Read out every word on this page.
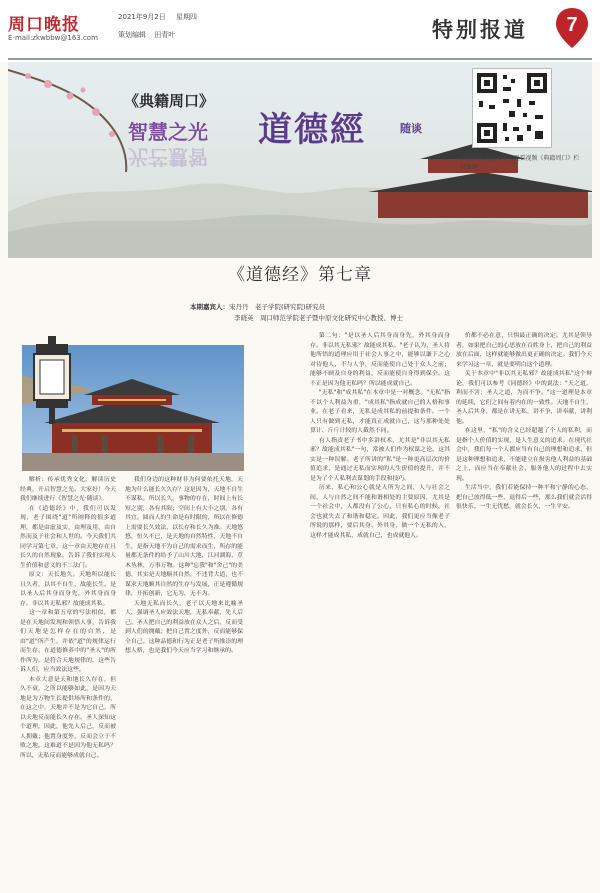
周口晚报
E-mail:zkwbbw@163.com
2021年9月2日 星期四
策划编辑 田青叶	特别报道	7
《典籍周口》
智慧之光
光芒慧智
道德經	随谈
扫码可在周道APP上观看视频《典籍周口》栏目集锦
《道德经》第七章
本期嘉宾人：宋丹丹　老子学院(研究院)研究员
李晓英　周口师范学院老子暨中原文化研究中心教授、博士

解析：传承优秀文化，解读历史经典，开启智慧之光。大家好！今天我们继续进行《智慧之光·随谈》。

在《道德经》中，我们可以发现，老子围绕"道"所阐释的很多道理，都是由虚及实，由理及用，由自然而及于社会和人世的。今天我们共同学习第七章，这一章由天地存在且长久的自然现象，告诉了我们实现人生价值和意义的不二法门。

原文：天长地久。天地所以能长且久者，以其不自生，故能长生。是以圣人后其身而身先，外其身而身存。非以其无私邪？故能成其私。

这一章和第五章的写法相似，都是在天地间发现和领悟人事，告诉我们天地是怎样存在的自然，是由"道"所产生，并依"道"的规律运行而生存，在道德修养中的"圣人"的所作所为，是符合天地规律的，这些告诉人们，应当效法这些。

本章大意是天和地长久存在，但久不衰，之所以能够如此，是因为天地是为万物生长提供场所和条件的，在这之中，天地并不是为它自己，所以天地反而能长久存在。圣人深知这个道理，因此，他先人后己，反而被人拥戴；他置身度外，反而会立于不败之地。这难道不是因为他无私吗？所以，无私反而能够成就自己。

我们身边的这种财非为何要依托天地，天地为什么能长久久存？这是因为，天地不自生不谋私。所以长久。事物的存在，时间上有长短之别，各有其限；空间上有大小之别，各有其宜。圆而人的生命是有时限的，所以在修德上需要长久效法，以长存和长久为准。天地悠悠，恒久不已，是天地的自然特性，天地不自生，是指天地不为自己的需求而生，所存的能量都无条件的给予了山川大地，江河湖海，草木丛林，万事万物。这种"忘我"和"舍己"的美德，其实是天地顺其自然，不违背大道，也不谋求天地顺其自然的生存与发展，正是遵循规律，开拓创新，它无为，无不为。

天地无私而长久，老子以天地来比喻圣人，强调圣人应效法天地，无私奉献，先人后己。圣人把自己的利益放在众人之后，反而受到人们的拥戴；把自己置之度外，反而能够保全自己。这种品德和行为正是老子所推崇的理想人格，也是我们今天应当学习和继承的。

第二句："是以圣人后其身而身先，外其身而身存。非以其无私邪？故能成其私。"老子认为，圣人将他所悟的道理应用于社会人事之中，能够以谦下之心对待他人，不与人争，反而能使自己处于众人之前；能够不顾及自身的利益，反而能使自身得到保全。这不正是因为他无私吗？所以能成就自己。

"无私"和"成其私"在本章中是一对概念。"无私"指不以个人利益为重，"成其私"指成就自己的人格和事业。在老子看来，无私是成其私的前提和条件。一个人只有做到无私，才能真正成就自己，这与那种处处算计、斤斤计较的人截然不同。

有人指责老子书中多讲权术，尤其是"非以其无私邪？故能成其私"一句，常被人们作为权谋之论。这其实是一种误解。老子所讲的"私"是一种更高层次的价值追求，是通过无私而实现的人生价值的提升，并不是为了个人私利去谋划的手段和技巧。

历来，私心和公心就是人所为之间，人与社会之间，人与自然之间不能和谐相处的主要原因，尤其是一个社会中，人都没有了公心，只有私心的时候，社会也就失去了和谐和稳定。因此，我们更应当像老子所说的那样，要后其身、外其身，做一个无私的人，这样才能成其私，成就自己，也成就他人。

价都不必在意，只惧最正确的决定。尤其是领导者，如果把自己的心思放在百姓身上，把自己的利益放在后面，这样就能够做出更正确的决定。我们今天来学习这一章，就是要明白这个道理。

关于本章中"非以其无私邪？故能成其私"这个辩论，我们可以参考《同德经》中的说法："天之道，利而不害；圣人之道，为而不争。"这一道理是本章的延续，它们之间有着内在的一致性。天地不自生，圣人后其身，都是在讲无私，讲不争，讲奉献，讲利他。

在这里，"私"的含义已经超越了个人的私利，而是指个人价值的实现，是人生意义的追求。在现代社会中，我们每一个人都应当有自己的理想和追求，但是这种理想和追求，不能建立在损害他人利益的基础之上，而应当在奉献社会、服务他人的过程中去实现。

生活当中，我们若能保持一种平和宁静的心态，把自己放得低一些，退得后一些，那么我们就会活得很快乐。一生无忧愁，就会长久，一生平安。
